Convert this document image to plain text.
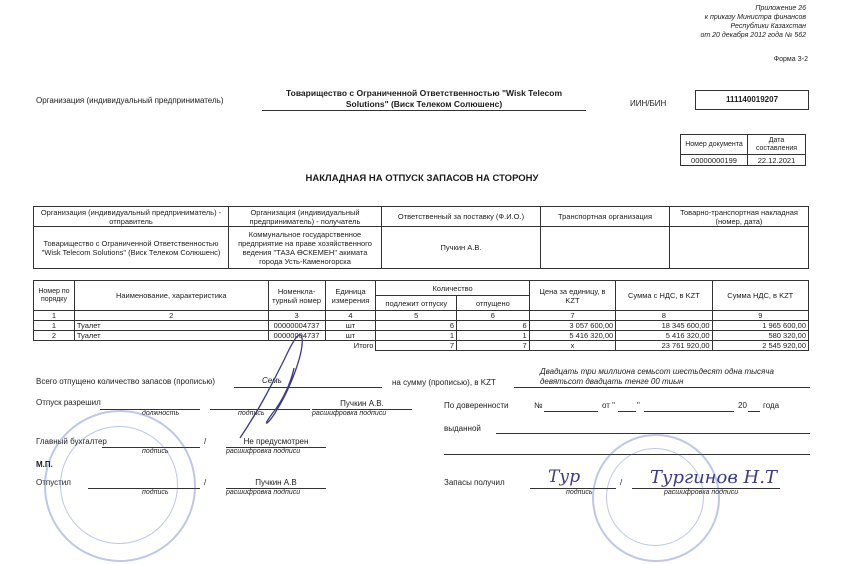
Приложение 26
к приказу Министра финансов
Республики Казахстан
от 20 декабря 2012 года № 562
Форма З-2
Организация (индивидуальный предприниматель)
Товарищество с Ограниченной Ответственностью "Wisk Telecom
Solutions" (Виск Телеком Солюшенс)	ИИН/БИН	111140019207
Номер документа	Дата составления
00000000199	22.12.2021
НАКЛАДНАЯ НА ОТПУСК ЗАПАСОВ НА СТОРОНУ
Организация (индивидуальный предприниматель) - отправитель	Организация (индивидуальный предприниматель) - получатель	Ответственный за поставку (Ф.И.О.)	Транспортная организация	Товарно-транспортная накладная (номер, дата)
Товарищество с Ограниченной Ответственностью "Wisk Telecom Solutions" (Виск Телеком Солюшенс)	Коммунальное государственное предприятие на праве хозяйственного ведения "ТАЗА ӨСКЕМЕН" акимата города Усть-Каменогорска	Пучкин А.В.		
Номер по порядку	Наименование, характеристика	Номенкла-турный номер	Единица измерения	Количество		Цена за единицу, в KZT	Сумма с НДС, в KZT	Сумма НДС, в KZT
				подлежит отпуску	отпущено			
1	2	3	4	5	6	7	8	9
1	Туалет	00000004737	шт	6	6	3 057 600,00	18 345 600,00	1 965 600,00
2	Туалет	00000004737	шт	1	1	5 416 320,00	5 416 320,00	580 320,00
			Итого	7	7	x	23 761 920,00	2 545 920,00
Всего отпущено количество запасов (прописью)	Семь	на сумму (прописью), в KZT
Двадцать три миллиона семьсот шестьдесят одна тысяча
девятьсот двадцать тенге 00 тиын
Отпуск разрешил	Пучкин А.В.
должность	подпись	расшифровка подписи
Главный бухгалтер	/	Не предусмотрен
подпись	расшифровка подписи
М.П.
Отпустил	/	Пучкин А.В
подпись	расшифровка подписи
По доверенности	№	от "	"	20 года
выданной
Запасы получил	/
подпись	расшифровка подписи
Тур	Тургинов Н.Т
